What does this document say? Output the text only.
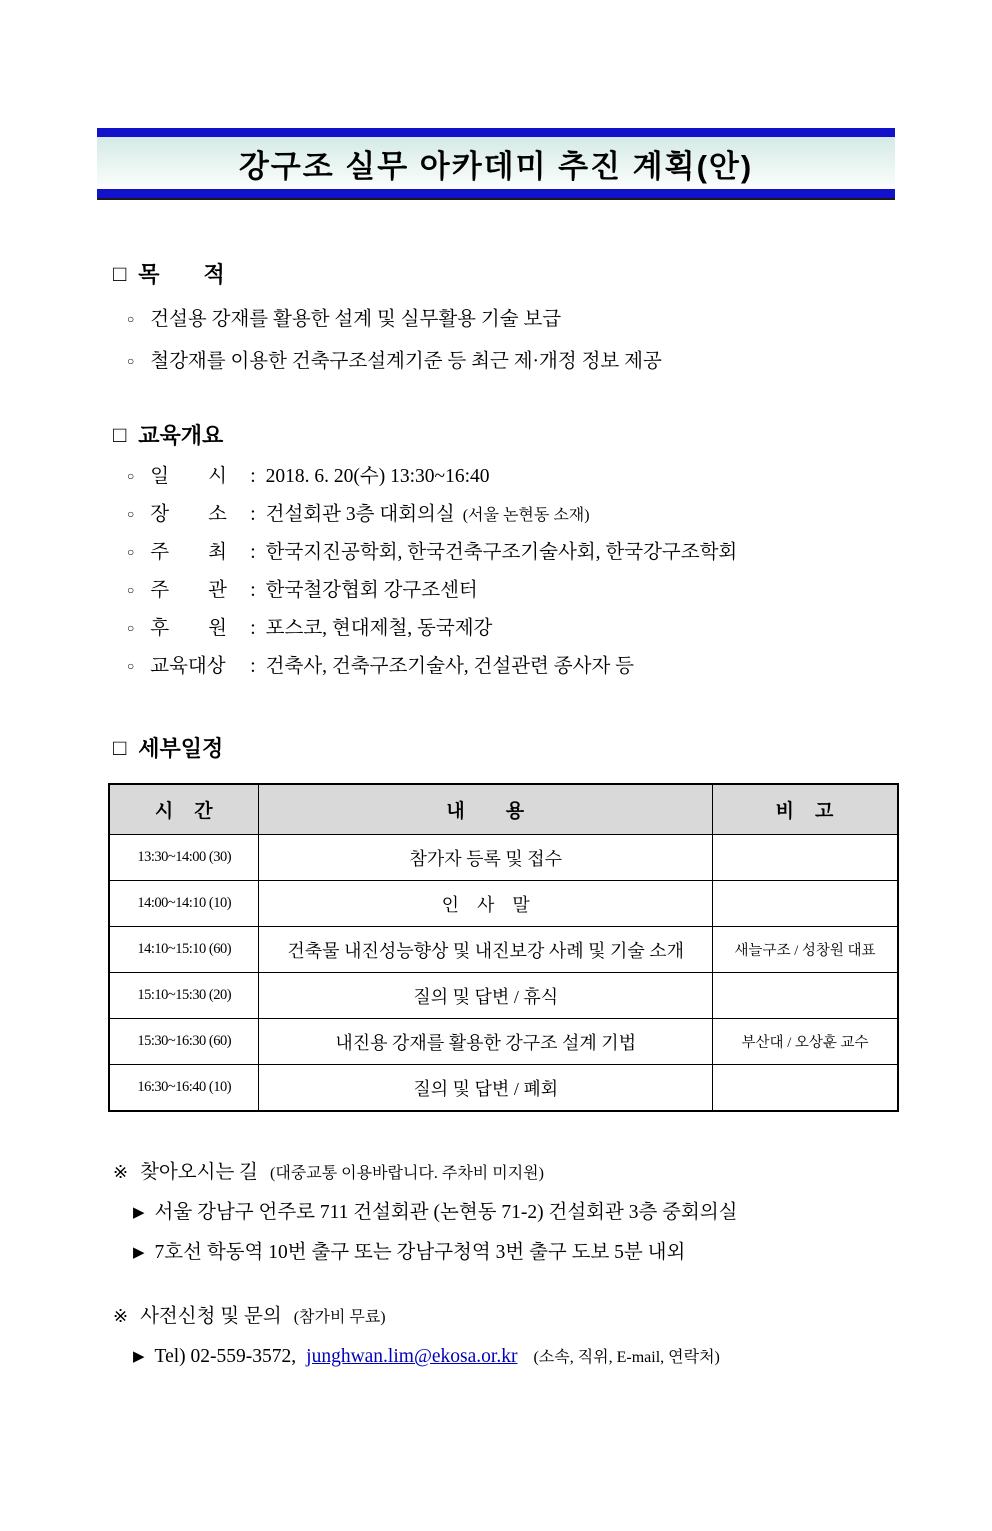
강구조 실무 아카데미 추진 계획(안)
□ 목　　적
○ 건설용 강재를 활용한 설계 및 실무활용 기술 보급
○ 철강재를 이용한 건축구조설계기준 등 최근 제·개정 정보 제공
□ 교육개요
○ 일　　시	: 2018. 6. 20(수) 13:30~16:40
○ 장　　소	: 건설회관 3층 대회의실 (서울 논현동 소재)
○ 주　　최	: 한국지진공학회, 한국건축구조기술사회, 한국강구조학회
○ 주　　관	: 한국철강협회 강구조센터
○ 후　　원	: 포스코, 현대제철, 동국제강
○ 교육대상	: 건축사, 건축구조기술사, 건설관련 종사자 등
□ 세부일정
시　간	내　　용	비　고
13:30~14:00 (30)	참가자 등록 및 접수	
14:00~14:10 (10)	인　사　말	
14:10~15:10 (60)	건축물 내진성능향상 및 내진보강 사례 및 기술 소개	새늘구조 / 성창원 대표
15:10~15:30 (20)	질의 및 답변 / 휴식	
15:30~16:30 (60)	내진용 강재를 활용한 강구조 설계 기법	부산대 / 오상훈 교수
16:30~16:40 (10)	질의 및 답변 / 폐회	
※ 찾아오시는 길 (대중교통 이용바랍니다. 주차비 미지원)
▶ 서울 강남구 언주로 711 건설회관 (논현동 71-2) 건설회관 3층 중회의실
▶ 7호선 학동역 10번 출구 또는 강남구청역 3번 출구 도보 5분 내외
※ 사전신청 및 문의 (참가비 무료)
▶ Tel) 02-559-3572, junghwan.lim@ekosa.or.kr (소속, 직위, E-mail, 연락처)
